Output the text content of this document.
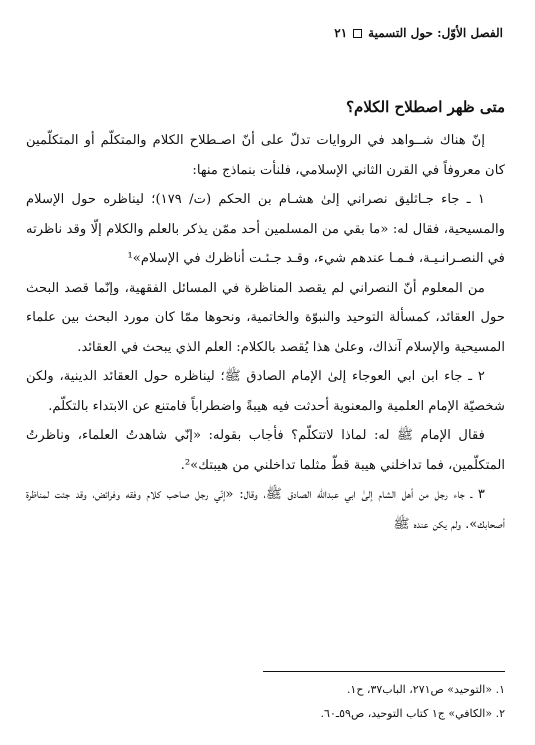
الفصل الأوّل: حول التسمية٢١

متى ظهر اصطلاح الكلام؟

إنّ هناك شــواهد في الروايات تدلّ على أنّ اصـطلاح الكلام والمتكلّم أو المتكلّمين كان معروفاً في القرن الثاني الإسلامي، فلنأت بنماذج منها:

١ ـ جاء جـاثليق نصراني إلىٰ هشـام بن الحكم (ت/ ١٧٩)؛ ليناظره حول الإسلام والمسيحية، فقال له: «ما بقي من المسلمين أحد ممّن يذكر بالعلم والكلام إلّا وقد ناظرته في النصـرانـيـة، فـمـا عندهم شيء، وقـد جـئـت أناظرك في الإسلام»¹

من المعلوم أنّ النصراني لم يقصد المناظرة في المسائل الفقهية، وإنّما قصد البحث حول العقائد، كمسألة التوحيد والنبوّة والخاتمية، ونحوها ممّا كان مورد البحث بين علماء المسيحية والإسلام آنذاك، وعلىٰ هذا يُقصد بالكلام: العلم الذي يبحث في العقائد.

٢ ـ جاء ابن ابي العوجاء إلىٰ الإمام الصادق ﷺ؛ ليناظره حول العقائد الدينية، ولكن شخصيّة الإمام العلمية والمعنوية أحدثت فيه هيبةً واضطراباً فامتنع عن الابتداء بالتكلّم.

فقال الإمام ﷺ له: لماذا لاتتكلّم؟ فأجاب بقوله: «إنّي شاهدتُ العلماء، وناظرتُ المتكلّمين، فما تداخلني هيبة قطّ مثلما تداخلني من هيبتك»².

٣ ـ جاء رجل من أهل الشام إلىٰ ابي عبدالله الصادق ﷺ، وقال: «إنّي رجل صاحب كلام وفقه وفرائض، وقد جئت لمناظرة أصحابك». ولم يكن عنده ﷺ

١. «التوحيد» ص٢٧١، الباب٣٧، ح١.

٢. «الكافي» ج١ كتاب التوحيد، ص٥٩ـ٦٠.
